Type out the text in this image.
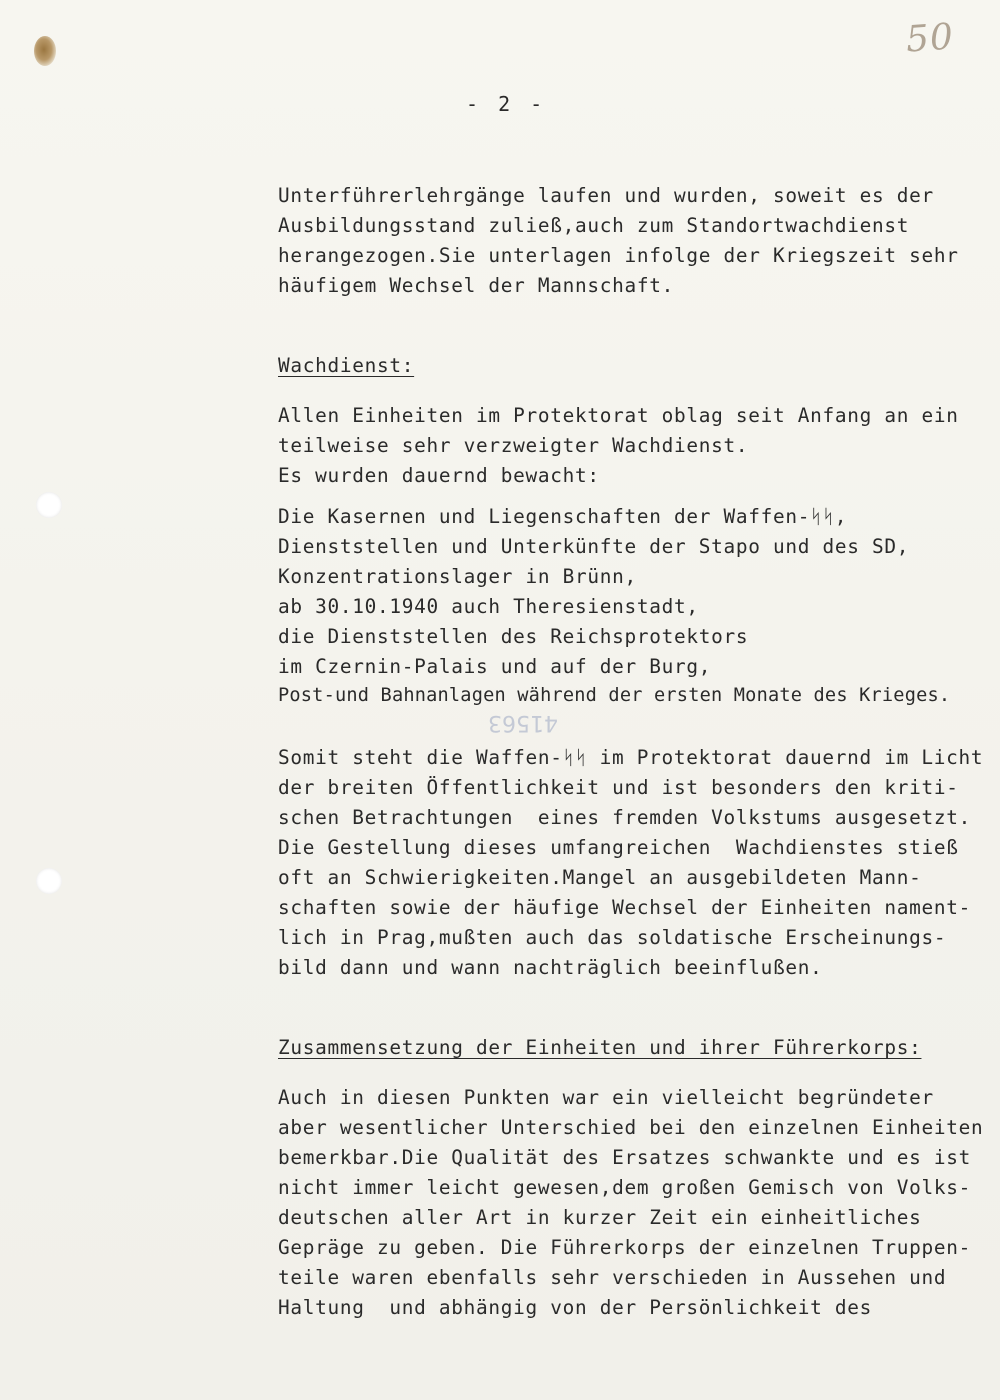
50
- 2 -
41563
Unterführerlehrgänge laufen und wurden, soweit es der
Ausbildungsstand zuließ,auch zum Standortwachdienst
herangezogen.Sie unterlagen infolge der Kriegszeit sehr
häufigem Wechsel der Mannschaft.
Wachdienst:
Allen Einheiten im Protektorat oblag seit Anfang an ein
teilweise sehr verzweigter Wachdienst.
Es wurden dauernd bewacht:
Die Kasernen und Liegenschaften der Waffen-ᛋᛋ,
Dienststellen und Unterkünfte der Stapo und des SD,
Konzentrationslager in Brünn,
ab 30.10.1940 auch Theresienstadt,
die Dienststellen des Reichsprotektors
im Czernin-Palais und auf der Burg,
Post-und Bahnanlagen während der ersten Monate des Krieges.
Somit steht die Waffen-ᛋᛋ im Protektorat dauernd im Licht
der breiten Öffentlichkeit und ist besonders den kriti-
schen Betrachtungen  eines fremden Volkstums ausgesetzt.
Die Gestellung dieses umfangreichen  Wachdienstes stieß
oft an Schwierigkeiten.Mangel an ausgebildeten Mann-
schaften sowie der häufige Wechsel der Einheiten nament-
lich in Prag,mußten auch das soldatische Erscheinungs-
bild dann und wann nachträglich beeinflußen.
Zusammensetzung der Einheiten und ihrer Führerkorps:
Auch in diesen Punkten war ein vielleicht begründeter
aber wesentlicher Unterschied bei den einzelnen Einheiten
bemerkbar.Die Qualität des Ersatzes schwankte und es ist
nicht immer leicht gewesen,dem großen Gemisch von Volks-
deutschen aller Art in kurzer Zeit ein einheitliches
Gepräge zu geben. Die Führerkorps der einzelnen Truppen-
teile waren ebenfalls sehr verschieden in Aussehen und
Haltung  und abhängig von der Persönlichkeit des
